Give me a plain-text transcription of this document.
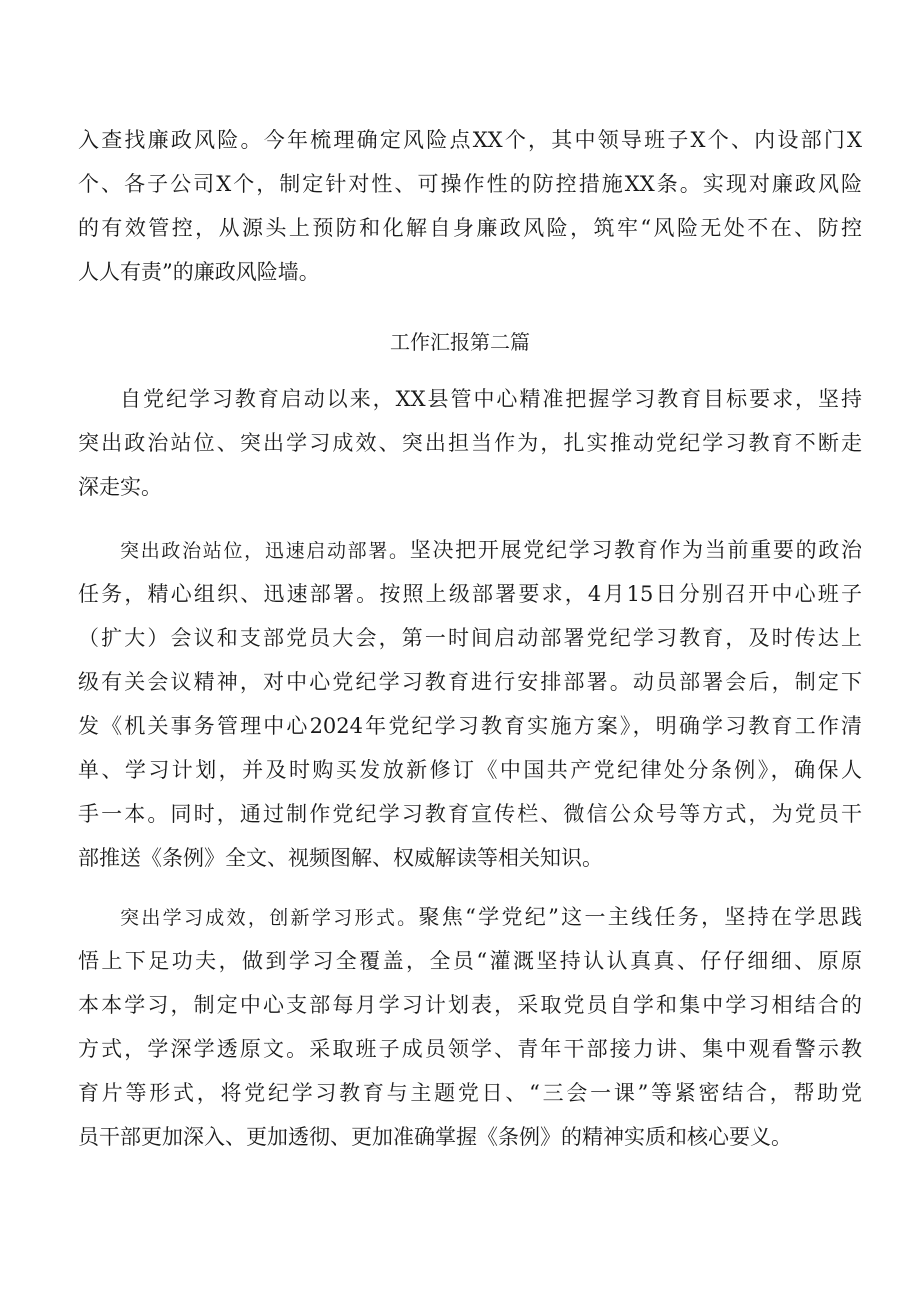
入查找廉政风险。今年梳理确定风险点XX个，其中领导班子X个、内设部门X
个、各子公司X个，制定针对性、可操作性的防控措施XX条。实现对廉政风险
的有效管控，从源头上预防和化解自身廉政风险，筑牢“风险无处不在、防控
人人有责”的廉政风险墙。
工作汇报第二篇
自党纪学习教育启动以来，XX县管中心精准把握学习教育目标要求，坚持
突出政治站位、突出学习成效、突出担当作为，扎实推动党纪学习教育不断走
深走实。
突出政治站位，迅速启动部署。坚决把开展党纪学习教育作为当前重要的政治
任务，精心组织、迅速部署。按照上级部署要求，4月15日分别召开中心班子
（扩大）会议和支部党员大会，第一时间启动部署党纪学习教育，及时传达上
级有关会议精神，对中心党纪学习教育进行安排部署。动员部署会后，制定下
发《机关事务管理中心2024年党纪学习教育实施方案》，明确学习教育工作清
单、学习计划，并及时购买发放新修订《中国共产党纪律处分条例》，确保人
手一本。同时，通过制作党纪学习教育宣传栏、微信公众号等方式，为党员干
部推送《条例》全文、视频图解、权威解读等相关知识。
突出学习成效，创新学习形式。聚焦“学党纪”这一主线任务，坚持在学思践
悟上下足功夫，做到学习全覆盖，全员“灌溉坚持认认真真、仔仔细细、原原
本本学习，制定中心支部每月学习计划表，采取党员自学和集中学习相结合的
方式，学深学透原文。采取班子成员领学、青年干部接力讲、集中观看警示教
育片等形式，将党纪学习教育与主题党日、“三会一课”等紧密结合，帮助党
员干部更加深入、更加透彻、更加准确掌握《条例》的精神实质和核心要义。
